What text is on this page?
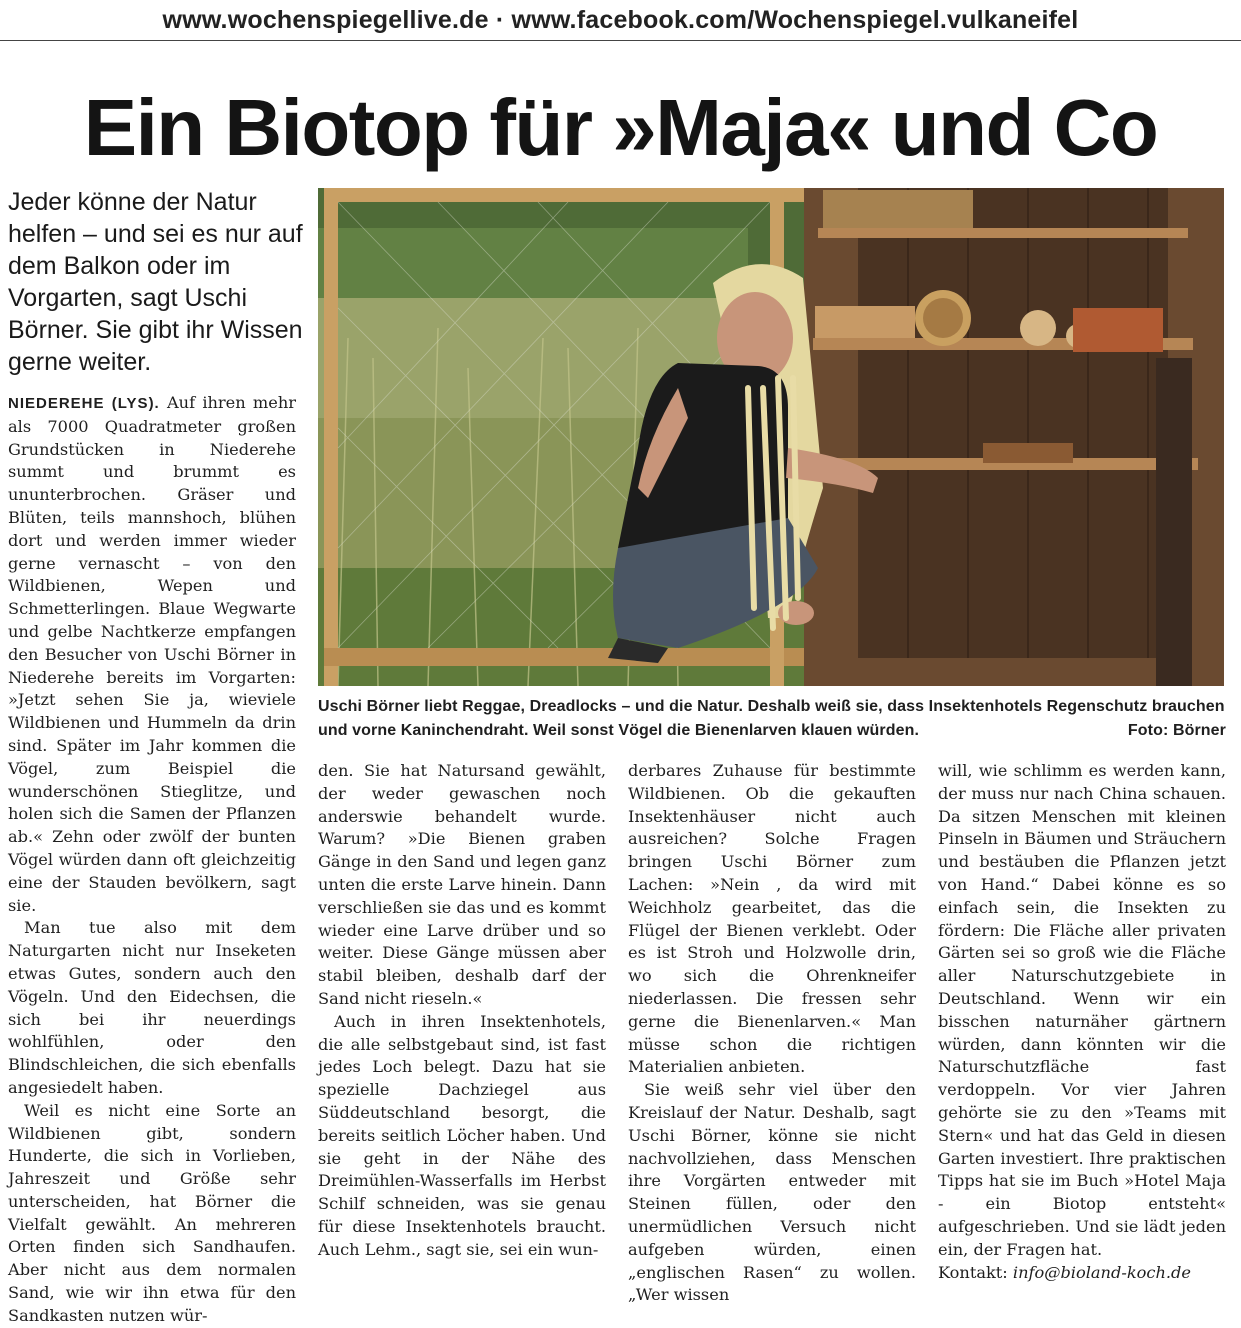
www.wochenspiegellive.de · www.facebook.com/Wochenspiegel.vulkaneifel
Ein Biotop für »Maja« und Co
Jeder könne der Natur helfen – und sei es nur auf dem Balkon oder im Vorgarten, sagt Uschi Börner. Sie gibt ihr Wissen gerne weiter.
Uschi Börner liebt Reggae, Dreadlocks – und die Natur. Deshalb weiß sie, dass Insektenhotels Regenschutz brauchen und vorne Kaninchendraht. Weil sonst Vögel die Bienenlarven klauen würden.	Foto: Börner

NIEDEREHE (LYS). Auf ihren mehr als 7000 Quadratmeter großen Grundstücken in Niederehe summt und brummt es ununterbrochen. Gräser und Blüten, teils mannshoch, blühen dort und werden immer wieder gerne vernascht – von den Wildbienen, Wepen und Schmetterlingen. Blaue Wegwarte und gelbe Nachtkerze empfangen den Besucher von Uschi Börner in Niederehe bereits im Vorgarten: »Jetzt sehen Sie ja, wieviele Wildbienen und Hummeln da drin sind. Später im Jahr kommen die Vögel, zum Beispiel die wunderschönen Stieglitze, und holen sich die Samen der Pflanzen ab.« Zehn oder zwölf der bunten Vögel würden dann oft gleichzeitig eine der Stauden bevölkern, sagt sie.

Man tue also mit dem Naturgarten nicht nur Inseketen etwas Gutes, sondern auch den Vögeln. Und den Eidechsen, die sich bei ihr neuerdings wohlfühlen, oder den Blindschleichen, die sich ebenfalls angesiedelt haben.

Weil es nicht eine Sorte an Wildbienen gibt, sondern Hunderte, die sich in Vorlieben, Jahreszeit und Größe sehr unterscheiden, hat Börner die Vielfalt gewählt. An mehreren Orten finden sich Sandhaufen. Aber nicht aus dem normalen Sand, wie wir ihn etwa für den Sandkasten nutzen wür-

den. Sie hat Natursand gewählt, der weder gewaschen noch anderswie behandelt wurde. Warum? »Die Bienen graben Gänge in den Sand und legen ganz unten die erste Larve hinein. Dann verschließen sie das und es kommt wieder eine Larve drüber und so weiter. Diese Gänge müssen aber stabil bleiben, deshalb darf der Sand nicht rieseln.«

Auch in ihren Insektenhotels, die alle selbstgebaut sind, ist fast jedes Loch belegt. Dazu hat sie spezielle Dachziegel aus Süddeutschland besorgt, die bereits seitlich Löcher haben. Und sie geht in der Nähe des Dreimühlen-Wasserfalls im Herbst Schilf schneiden, was sie genau für diese Insektenhotels braucht. Auch Lehm., sagt sie, sei ein wun-

derbares Zuhause für bestimmte Wildbienen. Ob die gekauften Insektenhäuser nicht auch ausreichen? Solche Fragen bringen Uschi Börner zum Lachen: »Nein , da wird mit Weichholz gearbeitet, das die Flügel der Bienen verklebt. Oder es ist Stroh und Holzwolle drin, wo sich die Ohrenkneifer niederlassen. Die fressen sehr gerne die Bienenlarven.« Man müsse schon die richtigen Materialien anbieten.

Sie weiß sehr viel über den Kreislauf der Natur. Deshalb, sagt Uschi Börner, könne sie nicht nachvollziehen, dass Menschen ihre Vorgärten entweder mit Steinen füllen, oder den unermüdlichen Versuch nicht aufgeben würden, einen „englischen Rasen“ zu wollen. „Wer wissen

will, wie schlimm es werden kann, der muss nur nach China schauen. Da sitzen Menschen mit kleinen Pinseln in Bäumen und Sträuchern und bestäuben die Pflanzen jetzt von Hand.“ Dabei könne es so einfach sein, die Insekten zu fördern: Die Fläche aller privaten Gärten sei so groß wie die Fläche aller Naturschutzgebiete in Deutschland. Wenn wir ein bisschen naturnäher gärtnern würden, dann könnten wir die Naturschutzfläche fast verdoppeln. Vor vier Jahren gehörte sie zu den »Teams mit Stern« und hat das Geld in diesen Garten investiert. Ihre praktischen Tipps hat sie im Buch »Hotel Maja - ein Biotop entsteht« aufgeschrieben. Und sie lädt jeden ein, der Fragen hat.

Kontakt: info@bioland-koch.de
